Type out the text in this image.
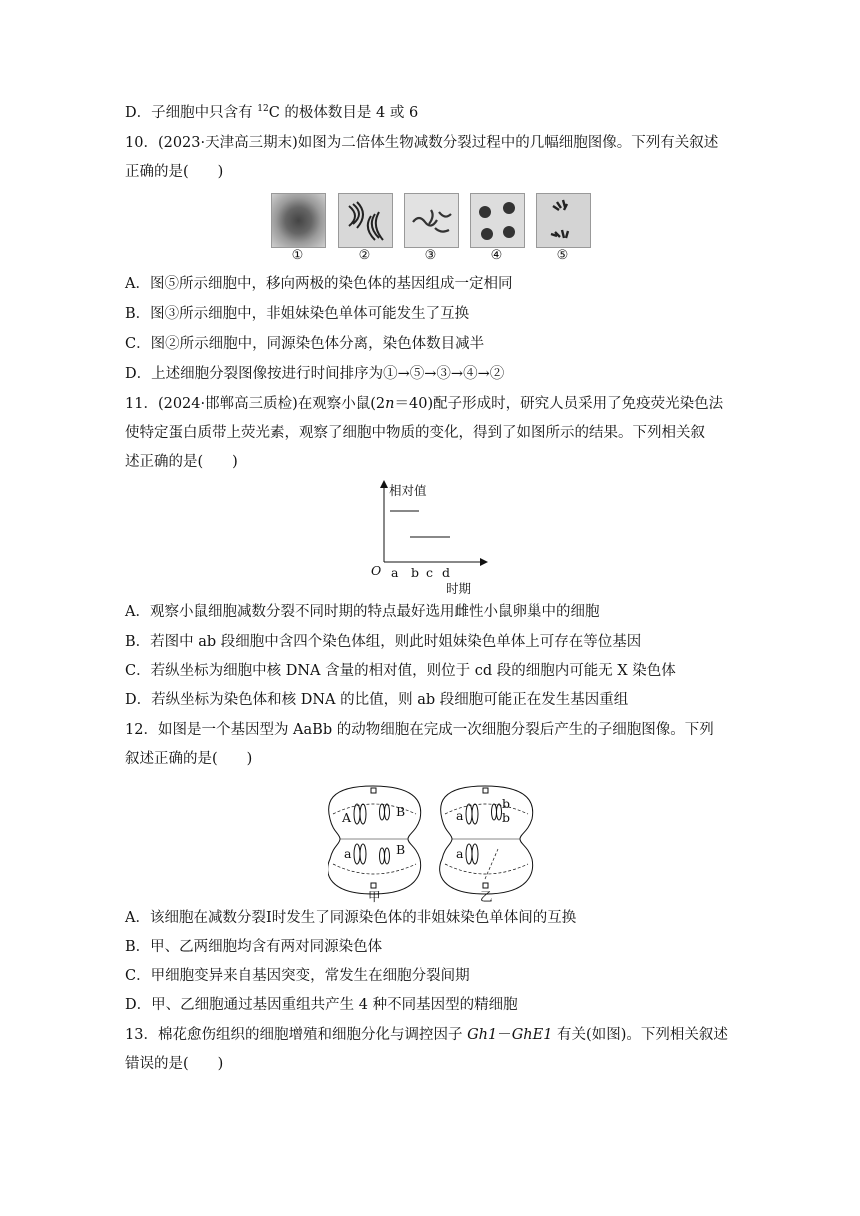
D．子细胞中只含有 $^{12}$C 的极体数目是 4 或 6
10．(2023·天津高三期末)如图为二倍体生物减数分裂过程中的几幅细胞图像。下列有关叙述
正确的是(　　)
①	②	③	④	⑤
A．图⑤所示细胞中，移向两极的染色体的基因组成一定相同
B．图③所示细胞中，非姐妹染色单体可能发生了互换
C．图②所示细胞中，同源染色体分离，染色体数目减半
D．上述细胞分裂图像按进行时间排序为①→⑤→③→④→②
11．(2024·邯郸高三质检)在观察小鼠(2n＝40)配子形成时，研究人员采用了免疫荧光染色法
使特定蛋白质带上荧光素，观察了细胞中物质的变化，得到了如图所示的结果。下列相关叙
述正确的是(　　)
相对值
O a b c d
时期
A．观察小鼠细胞减数分裂不同时期的特点最好选用雌性小鼠卵巢中的细胞
B．若图中 ab 段细胞中含四个染色体组，则此时姐妹染色单体上可存在等位基因
C．若纵坐标为细胞中核 DNA 含量的相对值，则位于 cd 段的细胞内可能无 X 染色体
D．若纵坐标为染色体和核 DNA 的比值，则 ab 段细胞可能正在发生基因重组
12．如图是一个基因型为 AaBb 的动物细胞在完成一次细胞分裂后产生的子细胞图像。下列
叙述正确的是(　　)
A	B
a	B
甲
a
b
b
a
乙
A．该细胞在减数分裂Ⅰ时发生了同源染色体的非姐妹染色单体间的互换
B．甲、乙两细胞均含有两对同源染色体
C．甲细胞变异来自基因突变，常发生在细胞分裂间期
D．甲、乙细胞通过基因重组共产生 4 种不同基因型的精细胞
13．棉花愈伤组织的细胞增殖和细胞分化与调控因子 Gh1－GhE1 有关(如图)。下列相关叙述
错误的是(　　)
